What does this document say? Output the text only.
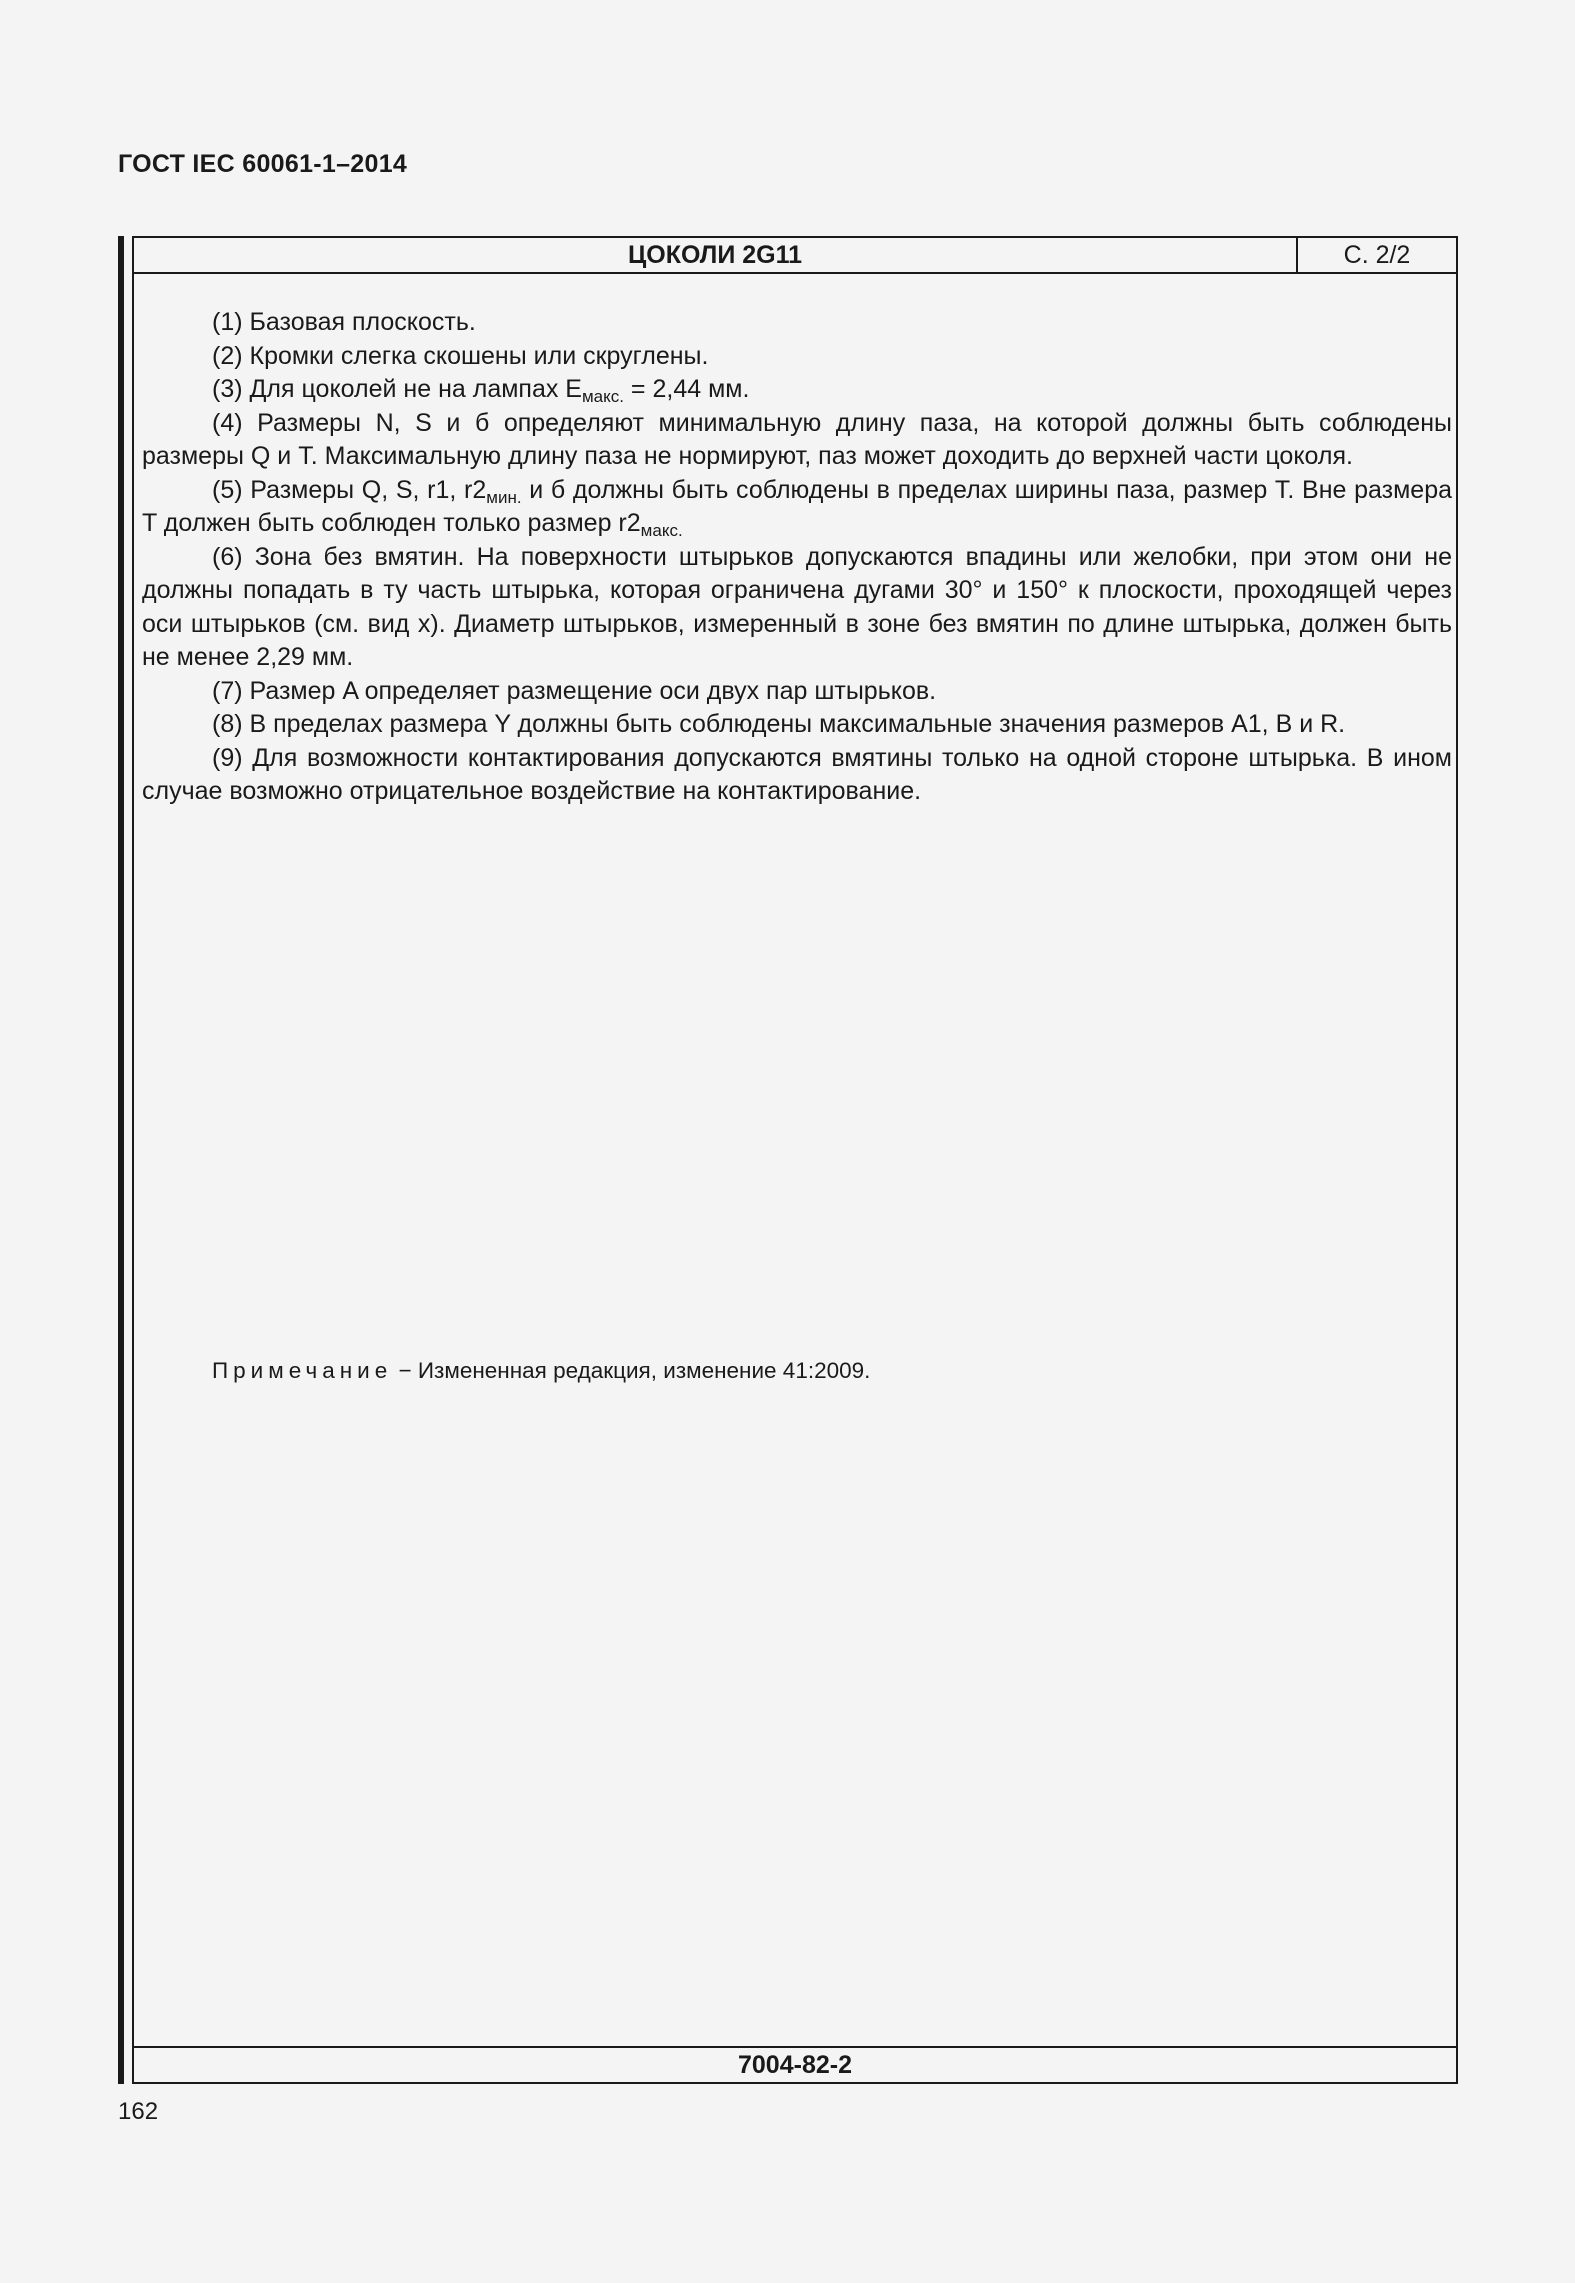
ГОСТ IEC 60061-1–2014
ЦОКОЛИ 2G11	С. 2/2

(1) Базовая плоскость.

(2) Кромки слегка скошены или скруглены.

(3) Для цоколей не на лампах $E_{макс.} = 2,44$ мм.

(4) Размеры N, S и б определяют минимальную длину паза, на которой должны быть соблюдены размеры Q и T. Максимальную длину паза не нормируют, паз может доходить до верхней части цоколя.

(5) Размеры Q, S, r1, $r2_{мин.}$ и б должны быть соблюдены в пределах ширины паза, размер T. Вне размера T должен быть соблюден только размер $r2_{макс.}$

(6) Зона без вмятин. На поверхности штырьков допускаются впадины или желобки, при этом они не должны попадать в ту часть штырька, которая ограничена дугами 30° и 150° к плоскости, проходящей через оси штырьков (см. вид x). Диаметр штырьков, измеренный в зоне без вмятин по длине штырька, должен быть не менее 2,29 мм.

(7) Размер A определяет размещение оси двух пар штырьков.

(8) В пределах размера Y должны быть соблюдены максимальные значения размеров A1, B и R.

(9) Для возможности контактирования допускаются вмятины только на одной стороне штырька. В ином случае возможно отрицательное воздействие на контактирование.

Примечание − Измененная редакция, изменение 41:2009.
7004-82-2
162
